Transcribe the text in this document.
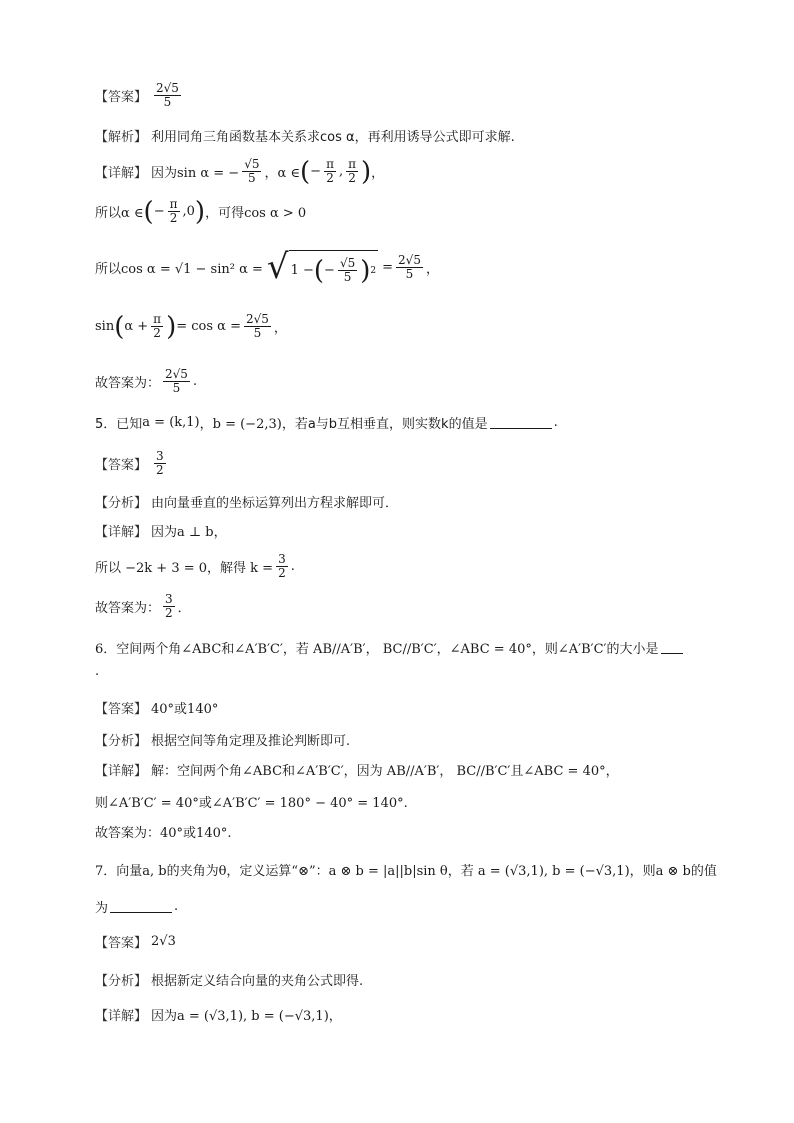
【答案】 $\frac{2√5}{5}$
【解析】 利用同角三角函数基本关系求cos α，再利用诱导公式即可求解.
【详解】 因为sin α = − $\frac{√5}{5}$ ，α ∈ ( − $\frac{\pi}{2}$ , $\frac{\pi}{2}$ ) ，
所以α ∈ ( − $\frac{\pi}{2} ,0$ ) ，可得cos α > 0
所以cos α = √1 − sin² α = √ 1 − ( − $\frac{√5}{5}$ ) $2 = \frac{2√5}{5}$ ，
sin ( $\alpha + \frac{\pi}{2}$ ) = $\cos \alpha = \frac{2√5}{5}$ ，
故答案为： $\frac{2√5}{5}$ .
5．已知 a = (k,1) ，b = (−2,3) ，若a与b互相垂直，则实数k的值是	.
【答案】 $\frac{3}{2}$
【分析】 由向量垂直的坐标运算列出方程求解即可．
【详解】 因为a ⊥ b，
所以 −2k + 3 = 0，解得 $k = \frac{3}{2}$ .
故答案为： $\frac{3}{2}$ ．
6．空间两个角∠ABC和∠A′B′C′，若 AB//A′B′， BC//B′C′，∠ABC = 40°，则∠A′B′C′的大小是
.
【答案】 40°或140°
【分析】 根据空间等角定理及推论判断即可.
【详解】 解：空间两个角∠ABC和∠A′B′C′，因为 AB//A′B′， BC//B′C′且∠ABC = 40°，
则∠A′B′C′ = 40°或∠A′B′C′ = 180° − 40° = 140°.
故答案为：40°或140°.
7．向量a, b的夹角为θ，定义运算“⊗”：a ⊗ b = |a||b|sin θ，若 a = (√3,1), b = (−√3,1)，则a ⊗ b的值
为	.
【答案】 2√3
【分析】 根据新定义结合向量的夹角公式即得.
【详解】 因为a = (√3,1), b = (−√3,1)，
